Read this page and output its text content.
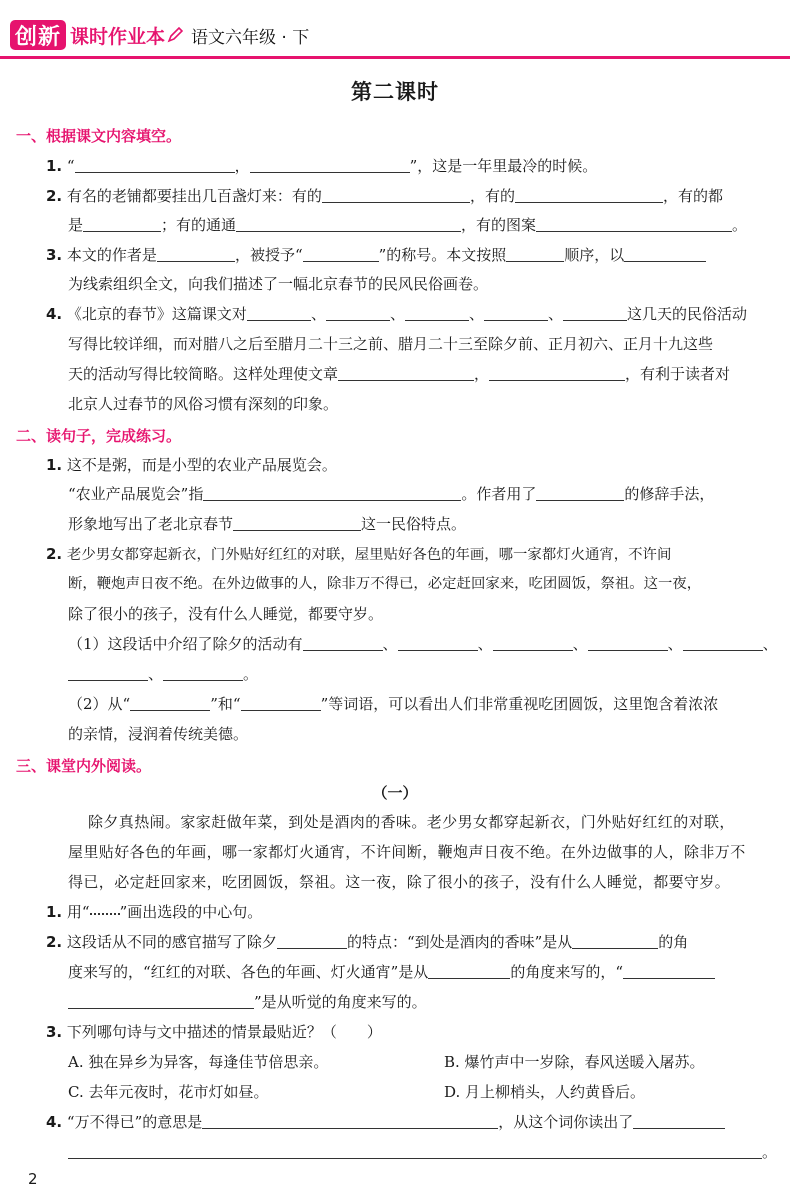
创新 课时作业本 语文六年级 · 下
第二课时
一、根据课文内容填空。
1. “	，	”，这是一年里最冷的时候。
2. 有名的老铺都要挂出几百盏灯来：有的	，有的	，有的都
是	；有的通通	，有的图案	。
3. 本文的作者是	，被授予“	”的称号。本文按照	顺序，以
为线索组织全文，向我们描述了一幅北京春节的民风民俗画卷。
4. 《北京的春节》这篇课文对	、	、	、	、	这几天的民俗活动
写得比较详细，而对腊八之后至腊月二十三之前、腊月二十三至除夕前、正月初六、正月十九这些
天的活动写得比较简略。这样处理使文章	，	，有利于读者对
北京人过春节的风俗习惯有深刻的印象。
二、读句子，完成练习。
1. 这不是粥，而是小型的农业产品展览会。
“农业产品展览会”指	。作者用了	的修辞手法，
形象地写出了老北京春节	这一民俗特点。
2. 老少男女都穿起新衣，门外贴好红红的对联，屋里贴好各色的年画，哪一家都灯火通宵，不许间
断，鞭炮声日夜不绝。在外边做事的人，除非万不得已，必定赶回家来，吃团圆饭，祭祖。这一夜，
除了很小的孩子，没有什么人睡觉，都要守岁。
（1）这段话中介绍了除夕的活动有	、	、	、	、	、
、	。
（2）从“	”和“	”等词语，可以看出人们非常重视吃团圆饭，这里饱含着浓浓
的亲情，浸润着传统美德。
三、课堂内外阅读。
（一）
除夕真热闹。家家赶做年菜，到处是酒肉的香味。老少男女都穿起新衣，门外贴好红红的对联，
屋里贴好各色的年画，哪一家都灯火通宵，不许间断，鞭炮声日夜不绝。在外边做事的人，除非万不
得已，必定赶回家来，吃团圆饭，祭祖。这一夜，除了很小的孩子，没有什么人睡觉，都要守岁。
1. 用“ ”画出选段的中心句。
2. 这段话从不同的感官描写了除夕	的特点：“到处是酒肉的香味”是从	的角
度来写的，“红红的对联、各色的年画、灯火通宵”是从	的角度来写的，“
”是从听觉的角度来写的。
3. 下列哪句诗与文中描述的情景最贴近？（　　）
A. 独在异乡为异客，每逢佳节倍思亲。	B. 爆竹声中一岁除，春风送暖入屠苏。
C. 去年元夜时，花市灯如昼。	D. 月上柳梢头，人约黄昏后。
4. “万不得已”的意思是	，从这个词你读出了
。
2
